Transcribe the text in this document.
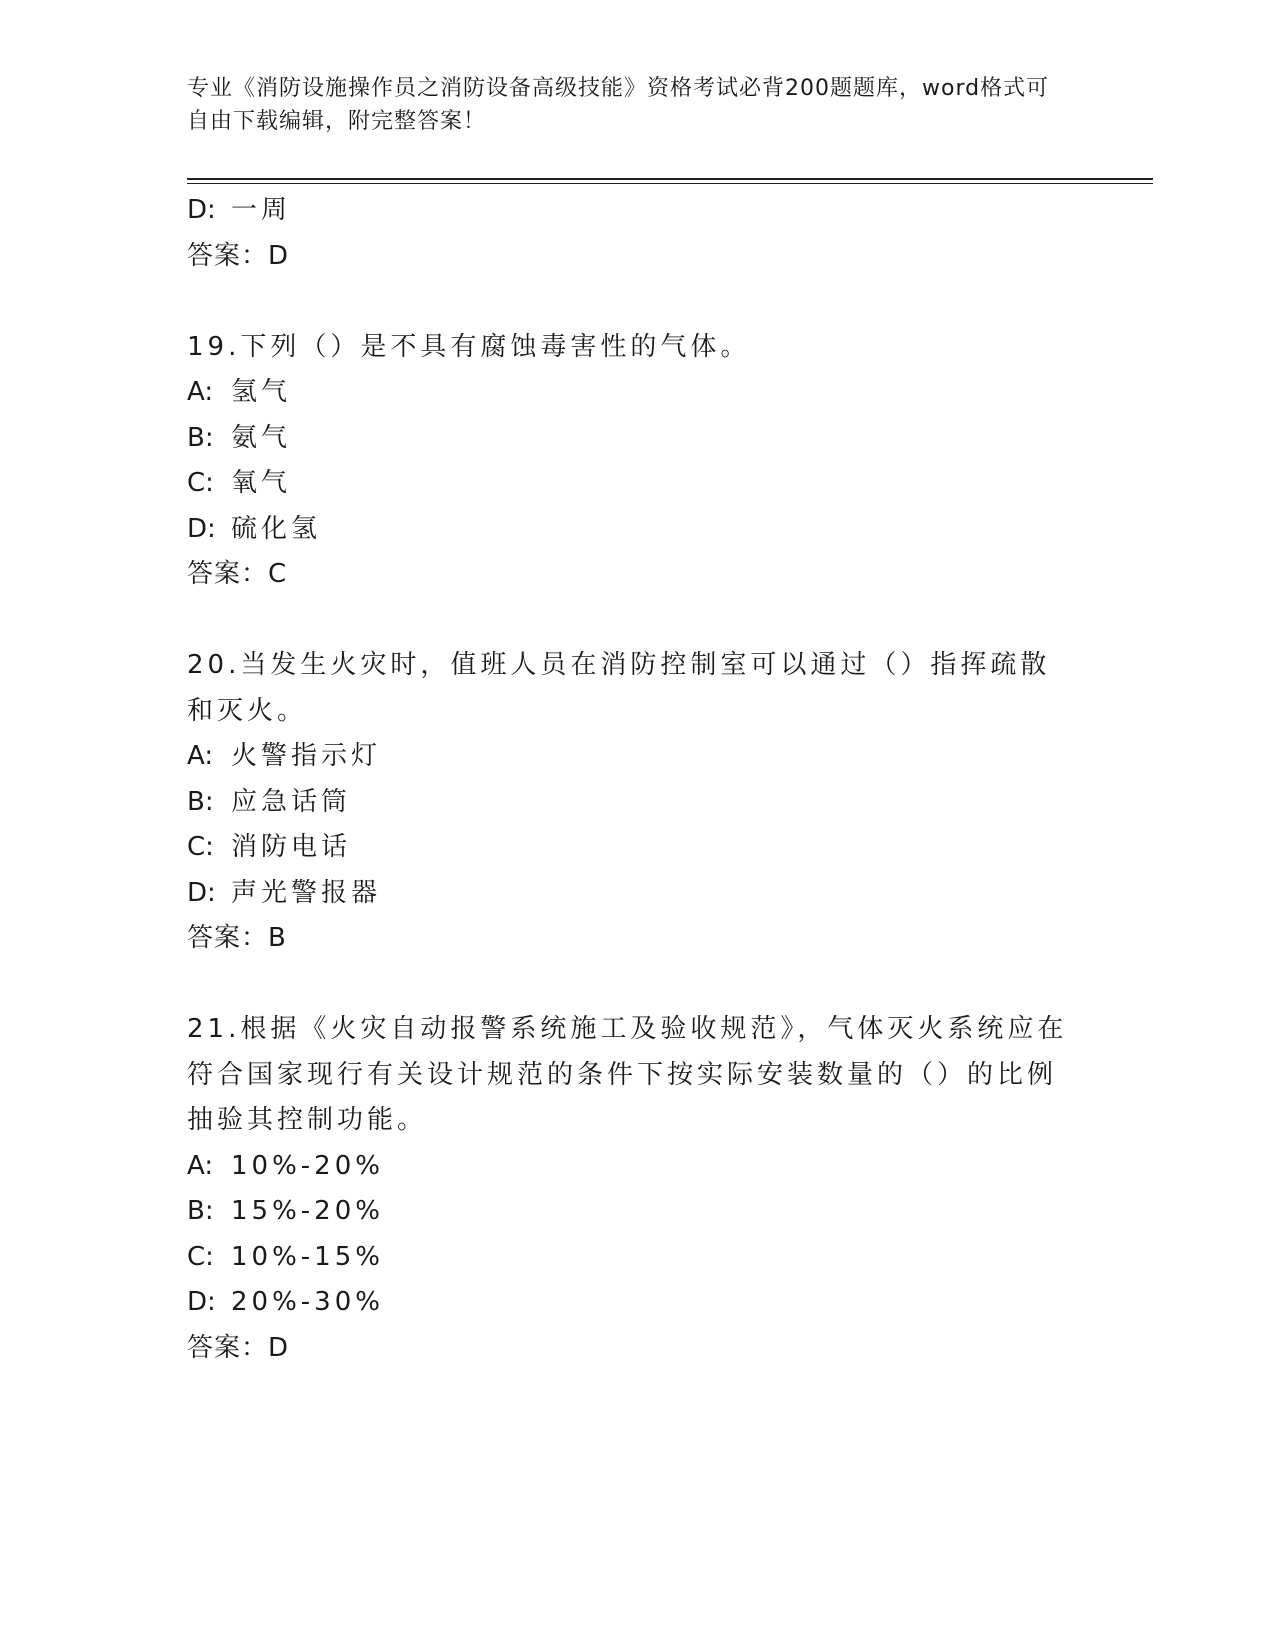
专业《消防设施操作员之消防设备高级技能》资格考试必背200题题库，word格式可自由下载编辑，附完整答案！
D: 一周
答案：D
19.下列（）是不具有腐蚀毒害性的气体。
A: 氢气
B: 氨气
C: 氧气
D: 硫化氢
答案：C
20.当发生火灾时，值班人员在消防控制室可以通过（）指挥疏散和灭火。
A: 火警指示灯
B: 应急话筒
C: 消防电话
D: 声光警报器
答案：B
21.根据《火灾自动报警系统施工及验收规范》，气体灭火系统应在符合国家现行有关设计规范的条件下按实际安装数量的（）的比例抽验其控制功能。
A: 10%-20%
B: 15%-20%
C: 10%-15%
D: 20%-30%
答案：D
